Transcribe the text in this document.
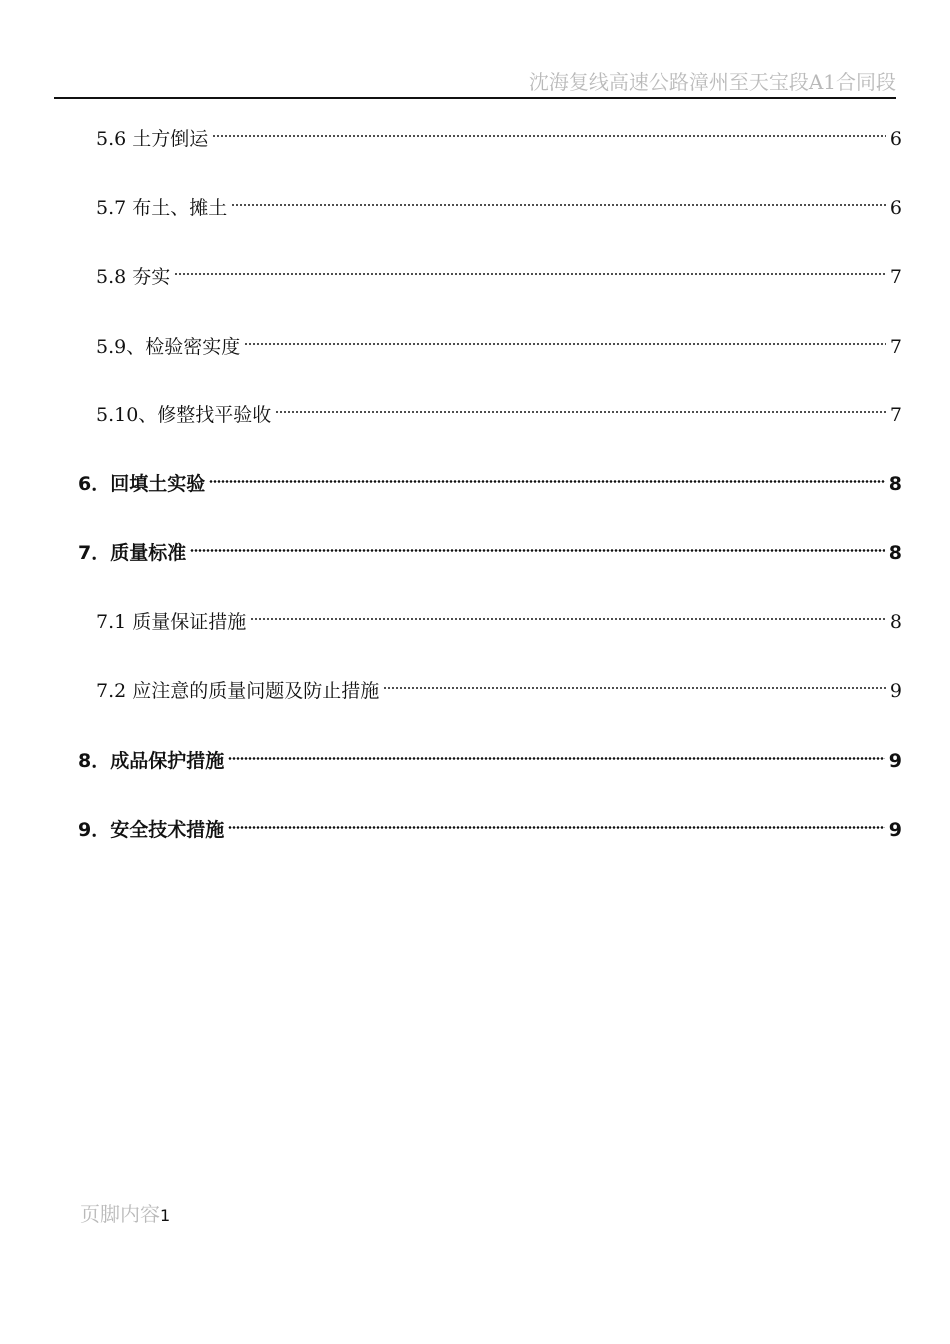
沈海复线高速公路漳州至天宝段A1合同段
5.6 土方倒运	6
5.7 布土、摊土	6
5.8 夯实	7
5.9、检验密实度	7
5.10、修整找平验收	7
6．回填土实验	8
7．质量标准	8
7.1 质量保证措施	8
7.2 应注意的质量问题及防止措施	9
8．成品保护措施	9
9．安全技术措施	9
页脚内容1
